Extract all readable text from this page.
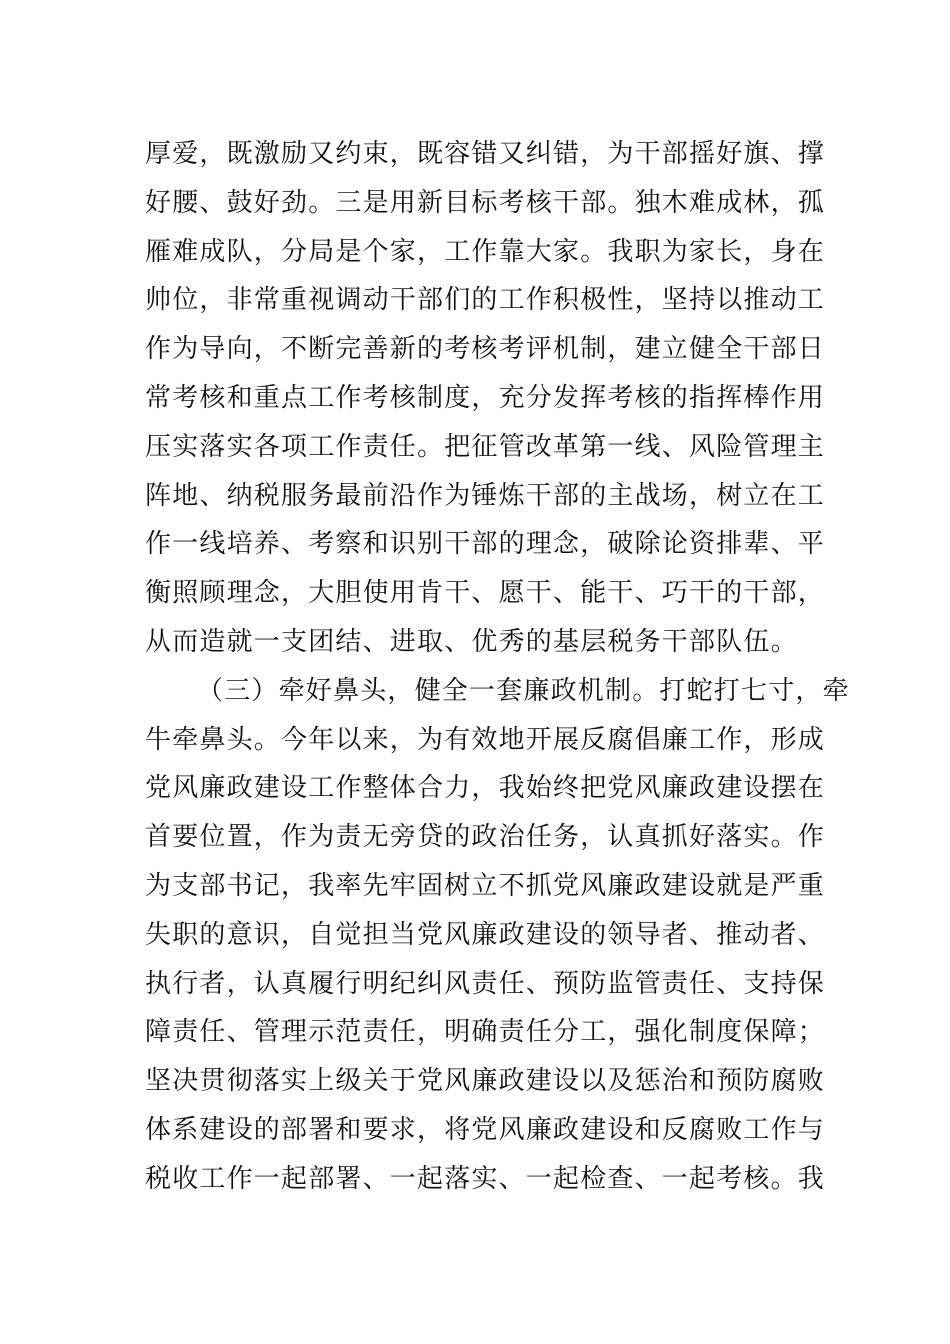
厚爱，既激励又约束，既容错又纠错，为干部摇好旗、撑
好腰、鼓好劲。三是用新目标考核干部。独木难成林，孤
雁难成队，分局是个家，工作靠大家。我职为家长，身在
帅位，非常重视调动干部们的工作积极性，坚持以推动工
作为导向，不断完善新的考核考评机制，建立健全干部日
常考核和重点工作考核制度，充分发挥考核的指挥棒作用
压实落实各项工作责任。把征管改革第一线、风险管理主
阵地、纳税服务最前沿作为锤炼干部的主战场，树立在工
作一线培养、考察和识别干部的理念，破除论资排辈、平
衡照顾理念，大胆使用肯干、愿干、能干、巧干的干部，
从而造就一支团结、进取、优秀的基层税务干部队伍。
（三）牵好鼻头，健全一套廉政机制。打蛇打七寸，牵
牛牵鼻头。今年以来，为有效地开展反腐倡廉工作，形成
党风廉政建设工作整体合力，我始终把党风廉政建设摆在
首要位置，作为责无旁贷的政治任务，认真抓好落实。作
为支部书记，我率先牢固树立不抓党风廉政建设就是严重
失职的意识，自觉担当党风廉政建设的领导者、推动者、
执行者，认真履行明纪纠风责任、预防监管责任、支持保
障责任、管理示范责任，明确责任分工，强化制度保障；
坚决贯彻落实上级关于党风廉政建设以及惩治和预防腐败
体系建设的部署和要求，将党风廉政建设和反腐败工作与
税收工作一起部署、一起落实、一起检查、一起考核。我
